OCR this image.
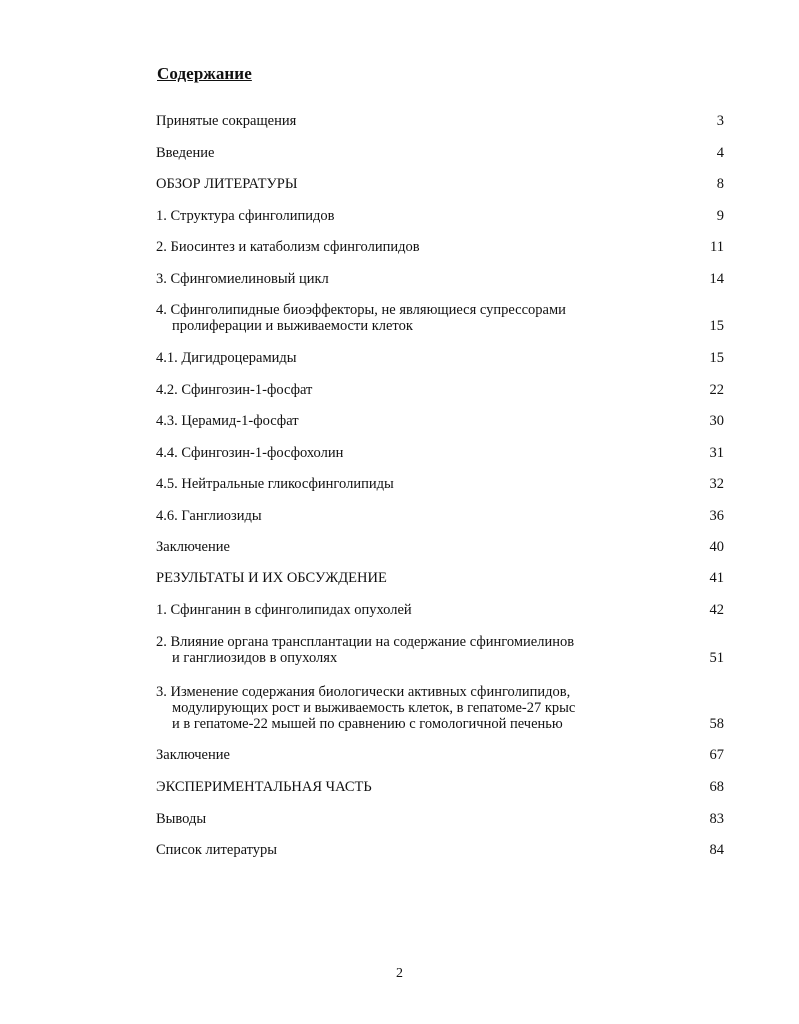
Содержание
Принятые сокращения	3
Введение	4
ОБЗОР ЛИТЕРАТУРЫ	8
1. Структура сфинголипидов	9
2. Биосинтез и катаболизм сфинголипидов	11
3. Сфингомиелиновый цикл	14
4. Сфинголипидные биоэффекторы, не являющиеся супрессорами
пролиферации и выживаемости клеток	15
4.1. Дигидроцерамиды	15
4.2. Сфингозин-1-фосфат	22
4.3. Церамид-1-фосфат	30
4.4. Сфингозин-1-фосфохолин	31
4.5. Нейтральные гликосфинголипиды	32
4.6. Ганглиозиды	36
Заключение	40
РЕЗУЛЬТАТЫ И ИХ ОБСУЖДЕНИЕ	41
1. Сфинганин в сфинголипидах опухолей	42
2. Влияние органа трансплантации на содержание сфингомиелинов
и ганглиозидов в опухолях	51
3. Изменение содержания биологически активных сфинголипидов,
модулирующих рост и выживаемость клеток, в гепатоме-27 крыс
и в гепатоме-22 мышей по сравнению с гомологичной печенью	58
Заключение	67
ЭКСПЕРИМЕНТАЛЬНАЯ ЧАСТЬ	68
Выводы	83
Список литературы	84
2
